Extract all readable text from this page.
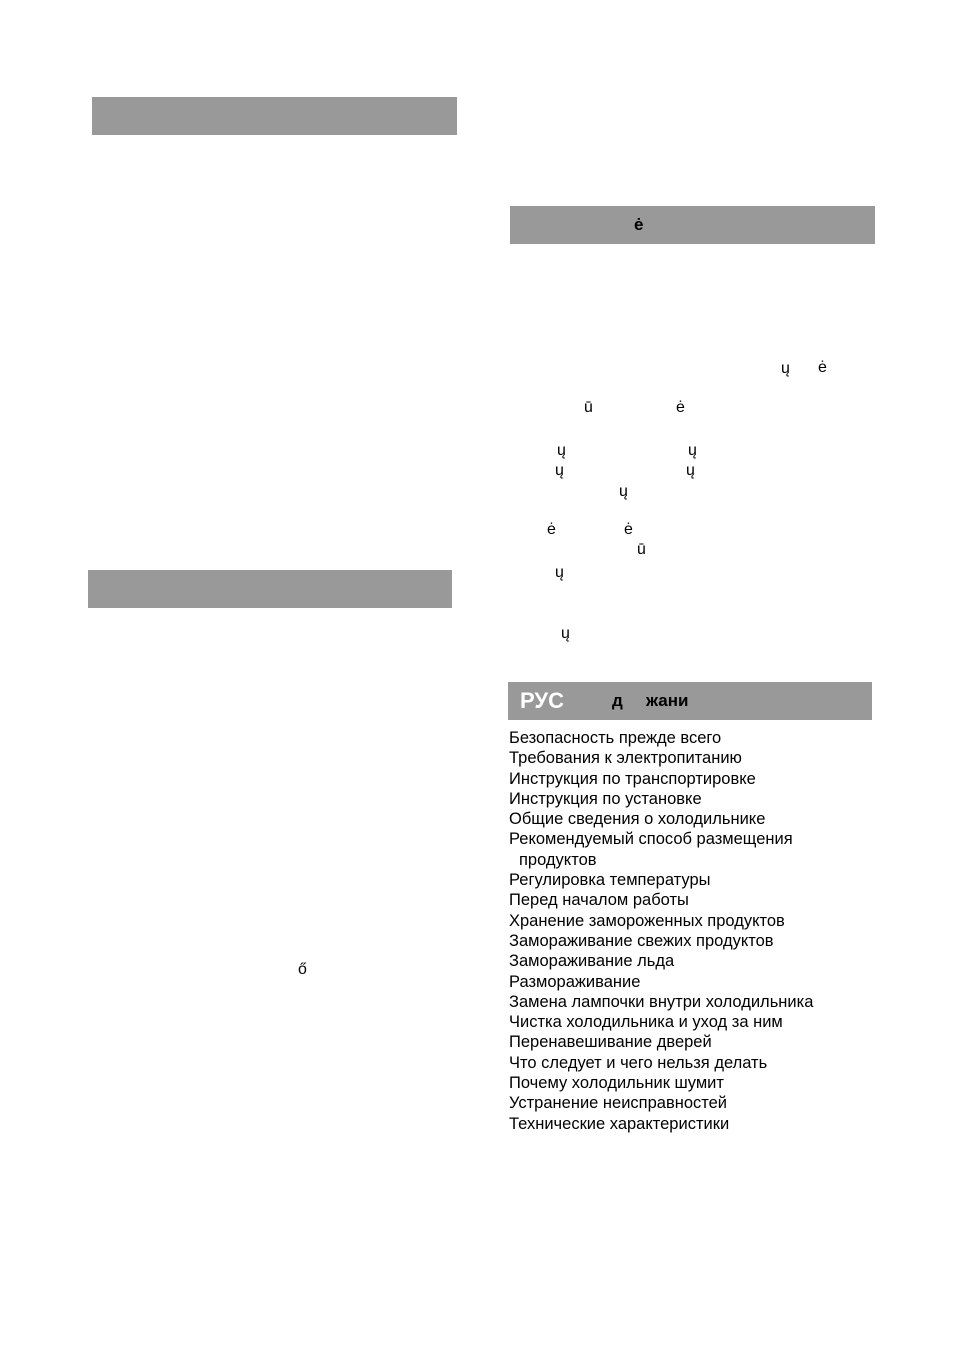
ő
ė
ų ė
ū	ė
ų	ų
ų	ų
ų
ė	ė
ū
ų
ų
РУС	д жани
Безопасность прежде всего
Требования к электропитанию
Инструкция по транспортировке
Инструкция по установке
Общие сведения о холодильнике
Рекомендуемый способ размещения
продуктов
Регулировка температуры
Перед началом работы
Хранение замороженных продуктов
Замораживание свежих продуктов
Замораживание льда
Размораживание
Замена лампочки внутри холодильника
Чистка холодильника и уход за ним
Перенавешивание дверей
Что следует и чего нельзя делать
Почему холодильник шумит
Устранение неисправностей
Технические характеристики
